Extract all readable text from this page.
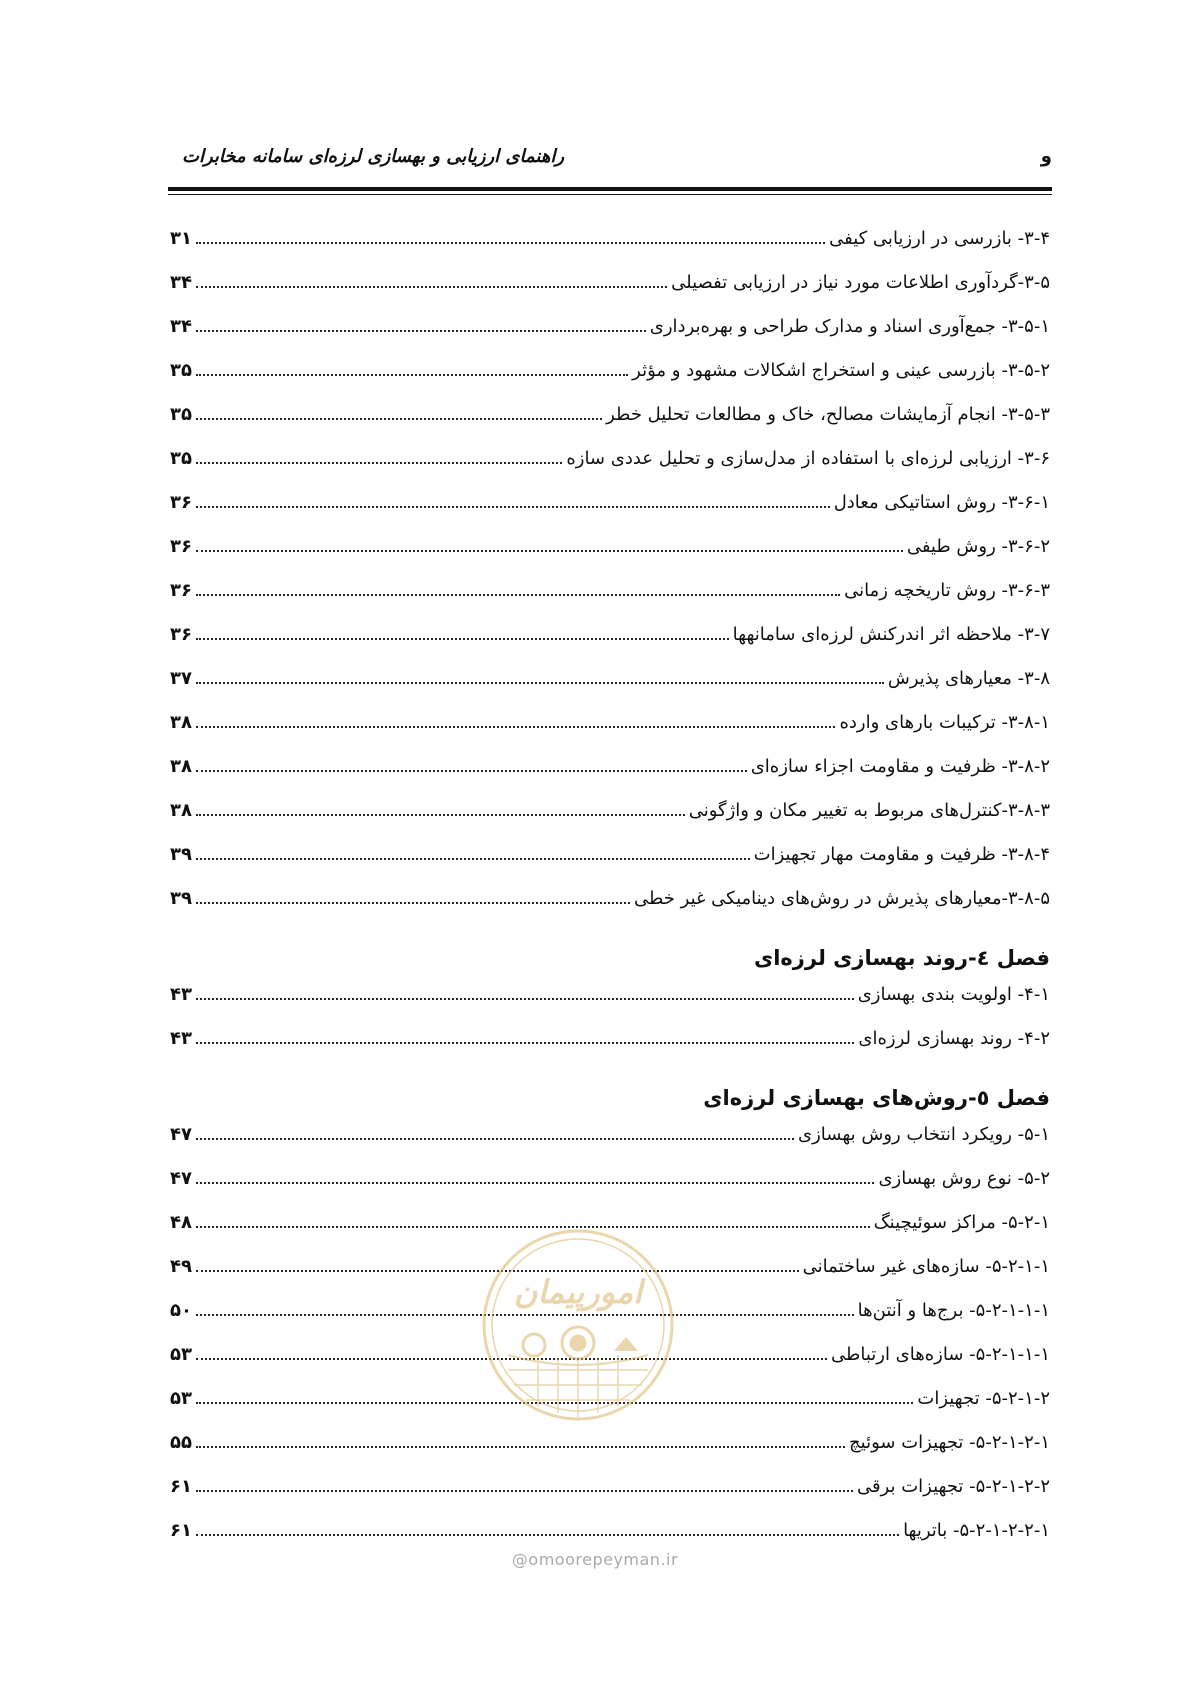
و
راهنمای ارزیابی و بهسازی لرزه‌ای سامانه مخابرات
۳-۴- بازرسی در ارزیابی کیفی
۳۱
۳-۵-گردآوری اطلاعات مورد نیاز در ارزیابی تفصیلی
۳۴
۳-۵-۱- جمع‌آوری اسناد و مدارک طراحی و بهره‌برداری
۳۴
۳-۵-۲- بازرسی عینی و استخراج اشکالات مشهود و مؤثر
۳۵
۳-۵-۳- انجام آزمایشات مصالح، خاک و مطالعات تحلیل خطر
۳۵
۳-۶- ارزیابی لرزه‌ای با استفاده از مدل‌سازی و تحلیل عددی سازه
۳۵
۳-۶-۱- روش استاتیکی معادل
۳۶
۳-۶-۲- روش طیفی
۳۶
۳-۶-۳- روش تاریخچه زمانی
۳۶
۳-۷- ملاحظه اثر اندرکنش لرزه‌ای سامانهها
۳۶
۳-۸- معیارهای پذیرش
۳۷
۳-۸-۱- ترکیبات بارهای وارده
۳۸
۳-۸-۲- ظرفیت و مقاومت اجزاء سازه‌ای
۳۸
۳-۸-۳-کنترل‌های مربوط به تغییر مکان و واژگونی
۳۸
۳-۸-۴- ظرفیت و مقاومت مهار تجهیزات
۳۹
۳-۸-۵-معیارهای پذیرش در روش‌های دینامیکی غیر خطی
۳۹
فصل ٤-روند بهسازی لرزه‌ای
۴-۱- اولویت بندی بهسازی
۴۳
۴-۲- روند بهسازی لرزه‌ای
۴۳
فصل ٥-روش‌های بهسازی لرزه‌ای
۵-۱- رویکرد انتخاب روش بهسازی
۴۷
۵-۲- نوع روش بهسازی
۴۷
۵-۲-۱- مراکز سوئیچینگ
۴۸
۵-۲-۱-۱- سازه‌های غیر ساختمانی
۴۹
۵-۲-۱-۱-۱- برج‌ها و آنتن‌ها
۵۰
۵-۲-۱-۱-۱- سازه‌های ارتباطی
۵۳
۵-۲-۱-۲- تجهیزات
۵۳
۵-۲-۱-۲-۱- تجهیزات سوئیچ
۵۵
۵-۲-۱-۲-۲- تجهیزات برقی
۶۱
۵-۲-۱-۲-۲-۱- باتریها
۶۱
امورپیمان
@omoorepeyman.ir
